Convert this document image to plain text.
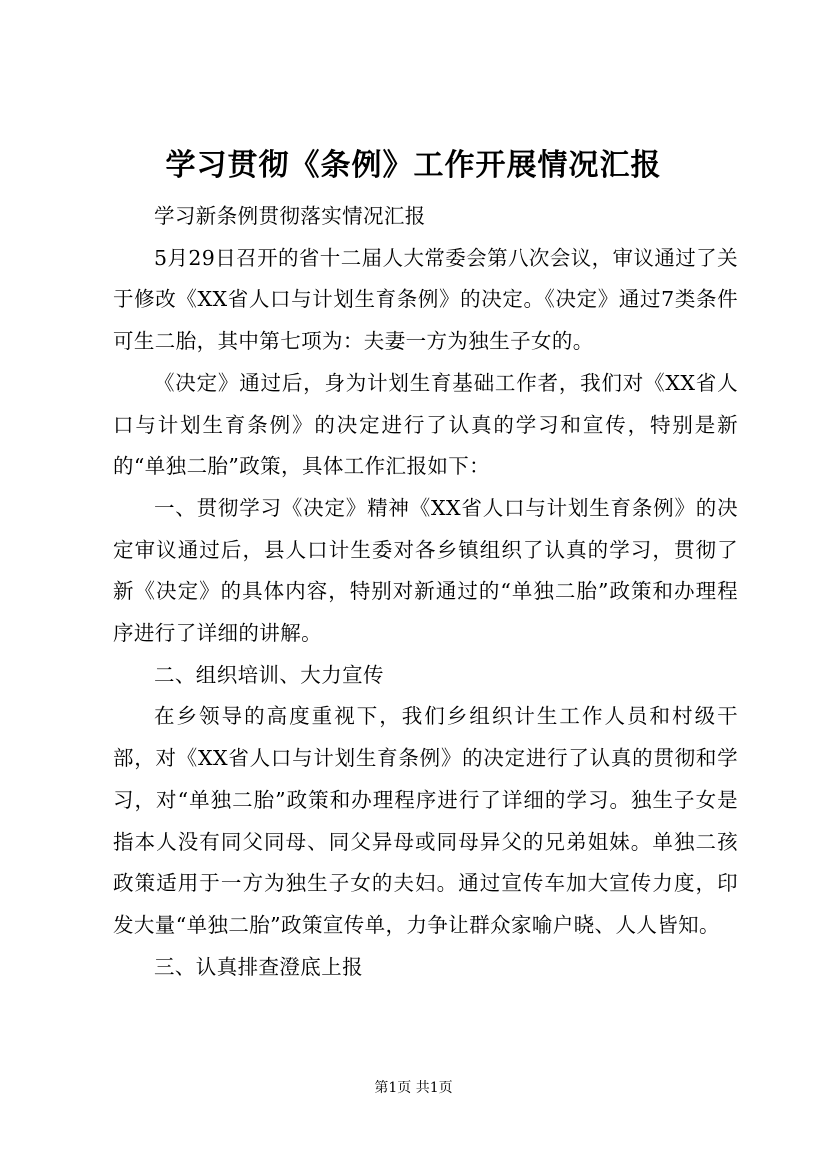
学习贯彻《条例》工作开展情况汇报

学习新条例贯彻落实情况汇报

5月29日召开的省十二届人大常委会第八次会议，审议通过了关于修改《XX省人口与计划生育条例》的决定。《决定》通过7类条件可生二胎，其中第七项为：夫妻一方为独生子女的。

《决定》通过后，身为计划生育基础工作者，我们对《XX省人口与计划生育条例》的决定进行了认真的学习和宣传，特别是新的“单独二胎”政策，具体工作汇报如下：

一、贯彻学习《决定》精神《XX省人口与计划生育条例》的决定审议通过后，县人口计生委对各乡镇组织了认真的学习，贯彻了新《决定》的具体内容，特别对新通过的“单独二胎”政策和办理程序进行了详细的讲解。

二、组织培训、大力宣传

在乡领导的高度重视下，我们乡组织计生工作人员和村级干部，对《XX省人口与计划生育条例》的决定进行了认真的贯彻和学习，对“单独二胎”政策和办理程序进行了详细的学习。独生子女是指本人没有同父同母、同父异母或同母异父的兄弟姐妹。单独二孩政策适用于一方为独生子女的夫妇。通过宣传车加大宣传力度，印发大量“单独二胎”政策宣传单，力争让群众家喻户晓、人人皆知。

三、认真排查澄底上报

第1页 共1页
